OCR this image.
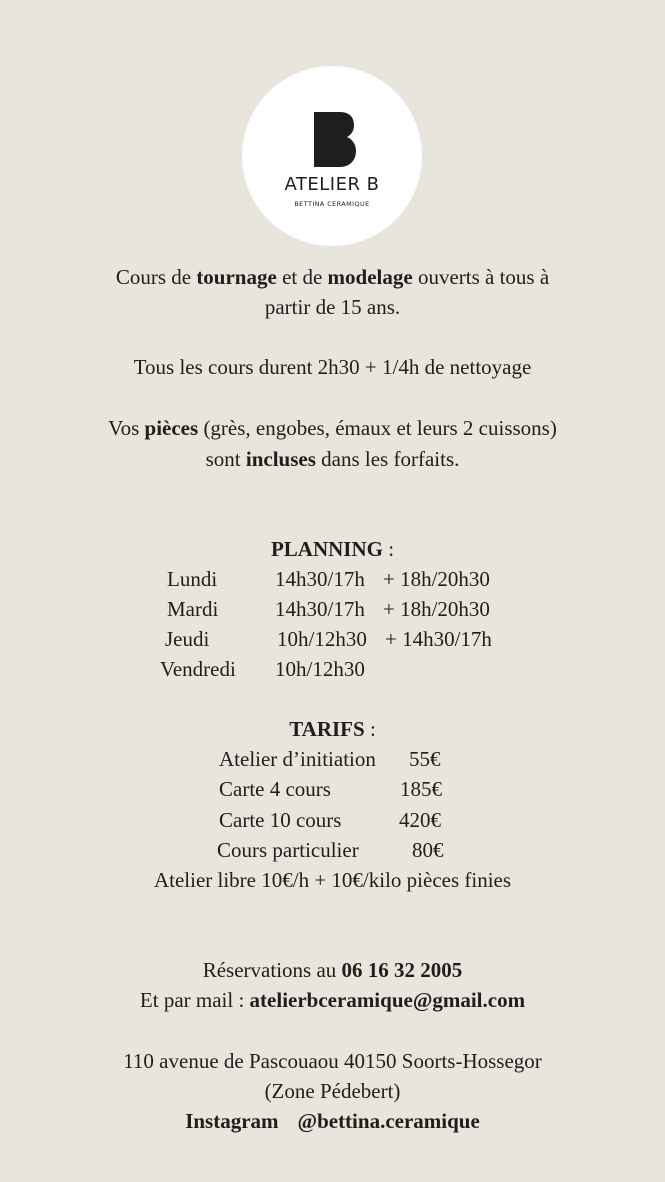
ATELIER B
BETTINA CERAMIQUE
Cours de tournage et de modelage ouverts à tous à
partir de 15 ans.
Tous les cours durent 2h30 + 1/4h de nettoyage
Vos pièces (grès, engobes, émaux et leurs 2 cuissons)
sont incluses dans les forfaits.
PLANNING :
Lundi	14h30/17h + 18h/20h30
Mardi	14h30/17h + 18h/20h30
Jeudi	10h/12h30 + 14h30/17h
Vendredi 10h/12h30
TARIFS :
Atelier d’initiation 55€
Carte 4 cours	185€
Carte 10 cours	420€
Cours particulier	80€
Atelier libre 10€/h + 10€/kilo pièces finies
Réservations au 06 16 32 2005
Et par mail : atelierbceramique@gmail.com
110 avenue de Pascouaou 40150 Soorts-Hossegor
(Zone Pédebert)
Instagram @bettina.ceramique
